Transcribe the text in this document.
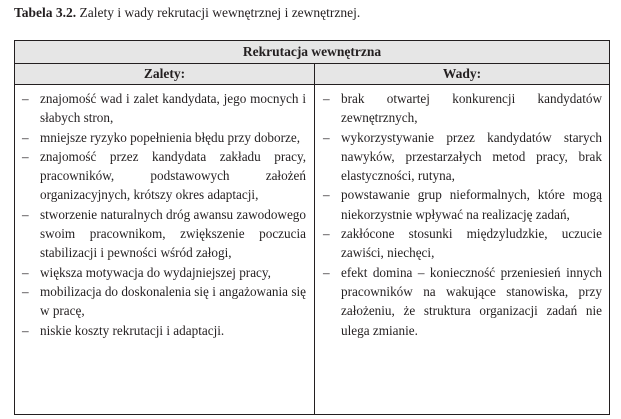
Tabela 3.2. Zalety i wady rekrutacji wewnętrznej i zewnętrznej.
Rekrutacja wewnętrzna
Zalety:	Wady:
– znajomość wad i zalet kandydata, jego mocnych i słabych stron,
– mniejsze ryzyko popełnienia błędu przy doborze,
– znajomość przez kandydata zakładu pracy, pracowników, podstawowych założeń organizacyjnych, krótszy okres adaptacji,
– stworzenie naturalnych dróg awansu zawodowego swoim pracownikom, zwiększenie poczucia stabilizacji i pewności wśród załogi,
– większa motywacja do wydajniejszej pracy,
– mobilizacja do doskonalenia się i angażowania się w pracę,
– niskie koszty rekrutacji i adaptacji.
– brak otwartej konkurencji kandydatów zewnętrznych,
– wykorzystywanie przez kandydatów starych nawyków, przestarzałych metod pracy, brak elastyczności, rutyna,
– powstawanie grup nieformalnych, które mogą niekorzystnie wpływać na realizację zadań,
– zakłócone stosunki międzyludzkie, uczucie zawiści, niechęci,
– efekt domina – konieczność przeniesień innych pracowników na wakujące stanowiska, przy założeniu, że struktura organizacji zadań nie ulega zmianie.
